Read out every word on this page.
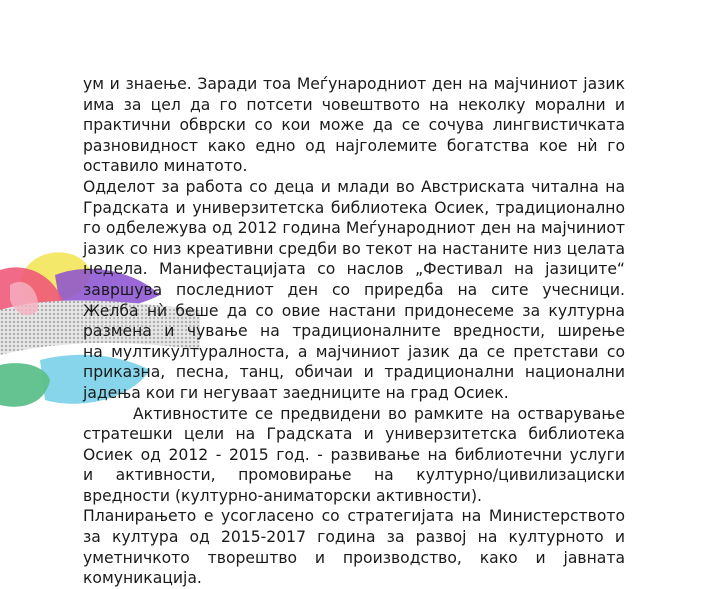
ум и знаење. Заради тоа Меѓународниот ден на мајчиниот јазик
има за цел да го потсети човештвото на неколку морални и
практични обврски со кои може да се сочува лингвистичката
разновидност како едно од најголемите богатства кое нѝ го
оставило минатото.

Одделот за работа со деца и млади во Австриската читална на
Градската и универзитетска библиотека Осиек, традиционално
го одбележува од 2012 година Меѓународниот ден на мајчиниот
јазик со низ креативни средби во текот на настаните низ целата
недела. Манифестацијата со наслов „Фестивал на јазиците“
завршува последниот ден со приредба на сите учесници.
Желба нѝ беше да со овие настани придонесеме за културна
размена и чување на традиционалните вредности, ширење
на мултикултуралноста, а мајчиниот јазик да се претстави со
приказна, песна, танц, обичаи и традиционални национални
јадења кои ги негуваат заедниците на град Осиек.

Активностите се предвидени во рамките на остварување
стратешки цели на Градската и универзитетска библиотека
Осиек од 2012 - 2015 год. - развивање на библиотечни услуги
и активности, промовирање на културно/цивилизациски
вредности (културно-аниматорски активности).

Планирањето е усогласено со стратегијата на Министерството
за култура од 2015-2017 година за развој на културното и
уметничкото творештво и производство, како и јавната
комуникација.
